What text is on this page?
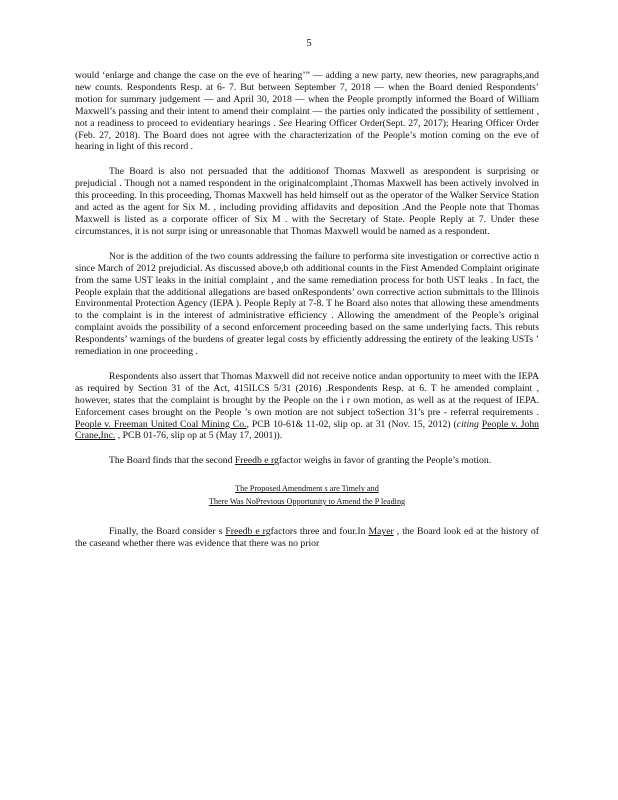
5

would ‘enlarge and change the case on the eve of hearing’” — adding a new party, new theories, new paragraphs,and new counts. Respondents Resp. at 6- 7. But between September 7, 2018 — when the Board denied Respondents’ motion for summary judgement — and April 30, 2018 — when the People promptly informed the Board of William Maxwell’s passing and their intent to amend their complaint — the parties only indicated the possibility of settlement , not a readiness to proceed to evidentiary hearings . See Hearing Officer Order(Sept. 27, 2017); Hearing Officer Order (Feb. 27, 2018). The Board does not agree with the characterization of the People’s motion coming on the eve of hearing in light of this record .

The Board is also not persuaded that the additionof Thomas Maxwell as arespondent is surprising or prejudicial . Though not a named respondent in the originalcomplaint ,Thomas Maxwell has been actively involved in this proceeding. In this proceeding, Thomas Maxwell has held himself out as the operator of the Walker Service Station and acted as the agent for Six M. , including providing affidavits and deposition .And the People note that Thomas Maxwell is listed as a corporate officer of Six M . with the Secretary of State. People Reply at 7. Under these circumstances, it is not surpr ising or unreasonable that Thomas Maxwell would be named as a respondent.

Nor is the addition of the two counts addressing the failure to performa site investigation or corrective actio n since March of 2012 prejudicial. As discussed above,b oth additional counts in the First Amended Complaint originate from the same UST leaks in the initial complaint , and the same remediation process for both UST leaks . In fact, the People explain that the additional allegations are based onRespondents’ own corrective action submittals to the Illinois Environmental Protection Agency (IEPA ). People Reply at 7-8. T he Board also notes that allowing these amendments to the complaint is in the interest of administrative efficiency . Allowing the amendment of the People’s original complaint avoids the possibility of a second enforcement proceeding based on the same underlying facts. This rebuts Respondents’ warnings of the burdens of greater legal costs by efficiently addressing the entirety of the leaking USTs ’ remediation in one proceeding .

Respondents also assert that Thomas Maxwell did not receive notice andan opportunity to meet with the IEPA as required by Section 31 of the Act, 415ILCS 5/31 (2016) .Respondents Resp. at 6. T he amended complaint , however, states that the complaint is brought by the People on the i r own motion, as well as at the request of IEPA. Enforcement cases brought on the People ’s own motion are not subject toSection 31’s pre - referral requirements . People v. Freeman United Coal Mining Co., PCB 10-61& 11-02, slip op. at 31 (Nov. 15, 2012) (citing People v. John Crane,Inc. , PCB 01-76, slip op at 5 (May 17, 2001)).

The Board finds that the second Freedb e rgfactor weighs in favor of granting the People’s motion.

The Proposed Amendment s are Timely and
There Was NoPrevious Opportunity to Amend the P leading

Finally, the Board consider s Freedb e rgfactors three and four.In Mayer , the Board look ed at the history of the caseand whether there was evidence that there was no prior
